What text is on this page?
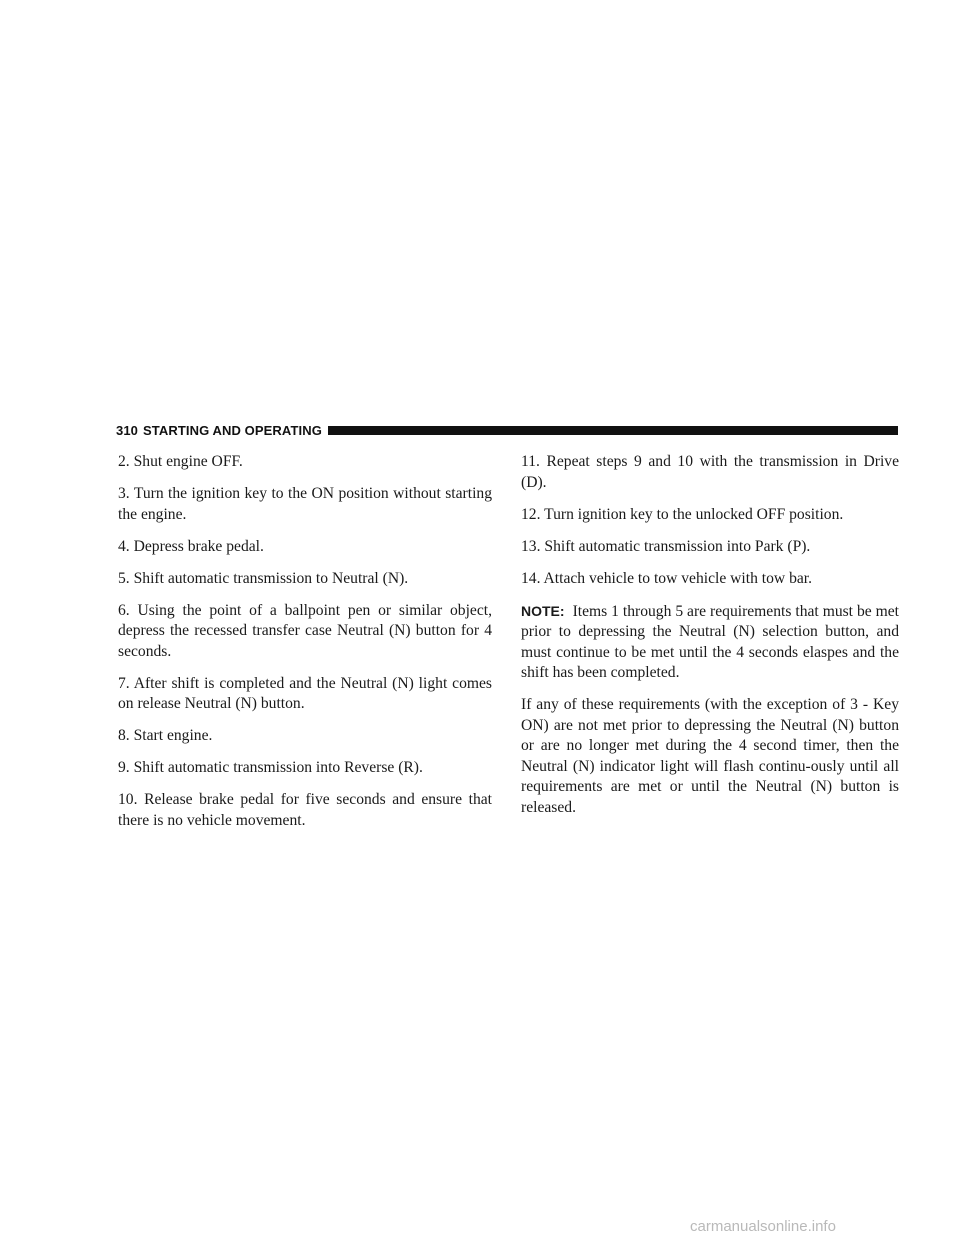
310 STARTING AND OPERATING

2. Shut engine OFF.

3. Turn the ignition key to the ON position without starting the engine.

4. Depress brake pedal.

5. Shift automatic transmission to Neutral (N).

6. Using the point of a ballpoint pen or similar object, depress the recessed transfer case Neutral (N) button for 4 seconds.

7. After shift is completed and the Neutral (N) light comes on release Neutral (N) button.

8. Start engine.

9. Shift automatic transmission into Reverse (R).

10. Release brake pedal for five seconds and ensure that there is no vehicle movement.

11. Repeat steps 9 and 10 with the transmission in Drive (D).

12. Turn ignition key to the unlocked OFF position.

13. Shift automatic transmission into Park (P).

14. Attach vehicle to tow vehicle with tow bar.

NOTE: Items 1 through 5 are requirements that must be met prior to depressing the Neutral (N) selection button, and must continue to be met until the 4 seconds elaspes and the shift has been completed.

If any of these requirements (with the exception of 3 - Key ON) are not met prior to depressing the Neutral (N) button or are no longer met during the 4 second timer, then the Neutral (N) indicator light will flash continu-ously until all requirements are met or until the Neutral (N) button is released.

carmanualsonline.info
